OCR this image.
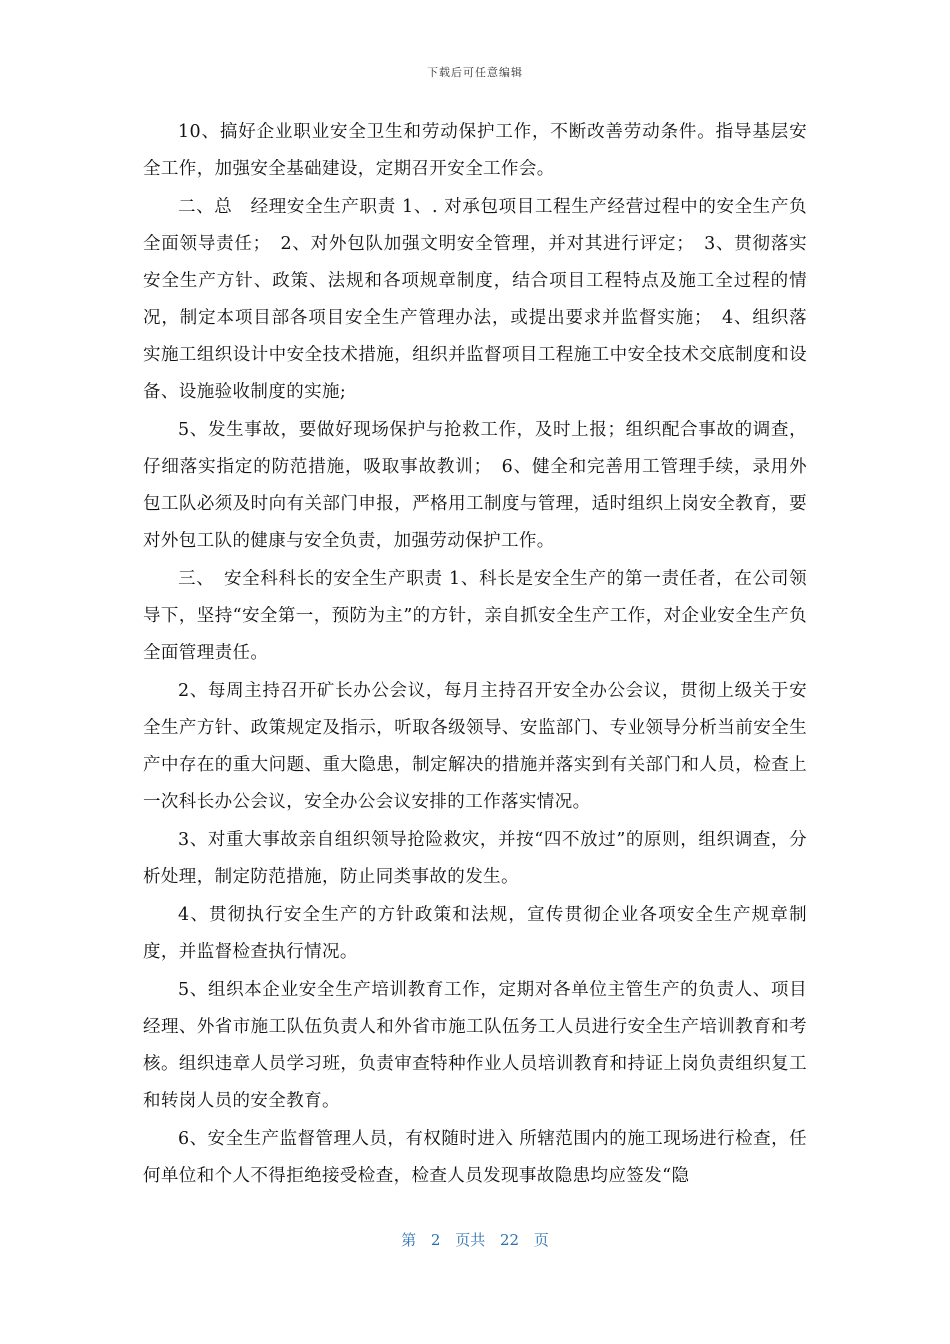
下载后可任意编辑

10、搞好企业职业安全卫生和劳动保护工作，不断改善劳动条件。指导基层安全工作，加强安全基础建设，定期召开安全工作会。

二、总　经理安全生产职责 1、. 对承包项目工程生产经营过程中的安全生产负全面领导责任；　2、对外包队加强文明安全管理，并对其进行评定；　3、贯彻落实安全生产方针、政策、法规和各项规章制度，结合项目工程特点及施工全过程的情况，制定本项目部各项目安全生产管理办法，或提出要求并监督实施；　4、组织落实施工组织设计中安全技术措施，组织并监督项目工程施工中安全技术交底制度和设备、设施验收制度的实施;

5、发生事故，要做好现场保护与抢救工作，及时上报；组织配合事故的调查，仔细落实指定的防范措施，吸取事故教训；　6、健全和完善用工管理手续，录用外包工队必须及时向有关部门申报，严格用工制度与管理，适时组织上岗安全教育，要对外包工队的健康与安全负责，加强劳动保护工作。

三、　安全科科长的安全生产职责 1、科长是安全生产的第一责任者，在公司领导下，坚持“安全第一，预防为主”的方针，亲自抓安全生产工作，对企业安全生产负全面管理责任。

2、每周主持召开矿长办公会议，每月主持召开安全办公会议，贯彻上级关于安全生产方针、政策规定及指示，听取各级领导、安监部门、专业领导分析当前安全生产中存在的重大问题、重大隐患，制定解决的措施并落实到有关部门和人员，检查上一次科长办公会议，安全办公会议安排的工作落实情况。

3、对重大事故亲自组织领导抢险救灾，并按“四不放过”的原则，组织调查，分析处理，制定防范措施，防止同类事故的发生。

4、贯彻执行安全生产的方针政策和法规，宣传贯彻企业各项安全生产规章制度，并监督检查执行情况。

5、组织本企业安全生产培训教育工作，定期对各单位主管生产的负责人、项目经理、外省市施工队伍负责人和外省市施工队伍务工人员进行安全生产培训教育和考核。组织违章人员学习班，负责审查特种作业人员培训教育和持证上岗负责组织复工和转岗人员的安全教育。

6、安全生产监督管理人员，有权随时进入 所辖范围内的施工现场进行检查，任何单位和个人不得拒绝接受检查，检查人员发现事故隐患均应签发“隐

第 2 页共 22 页
